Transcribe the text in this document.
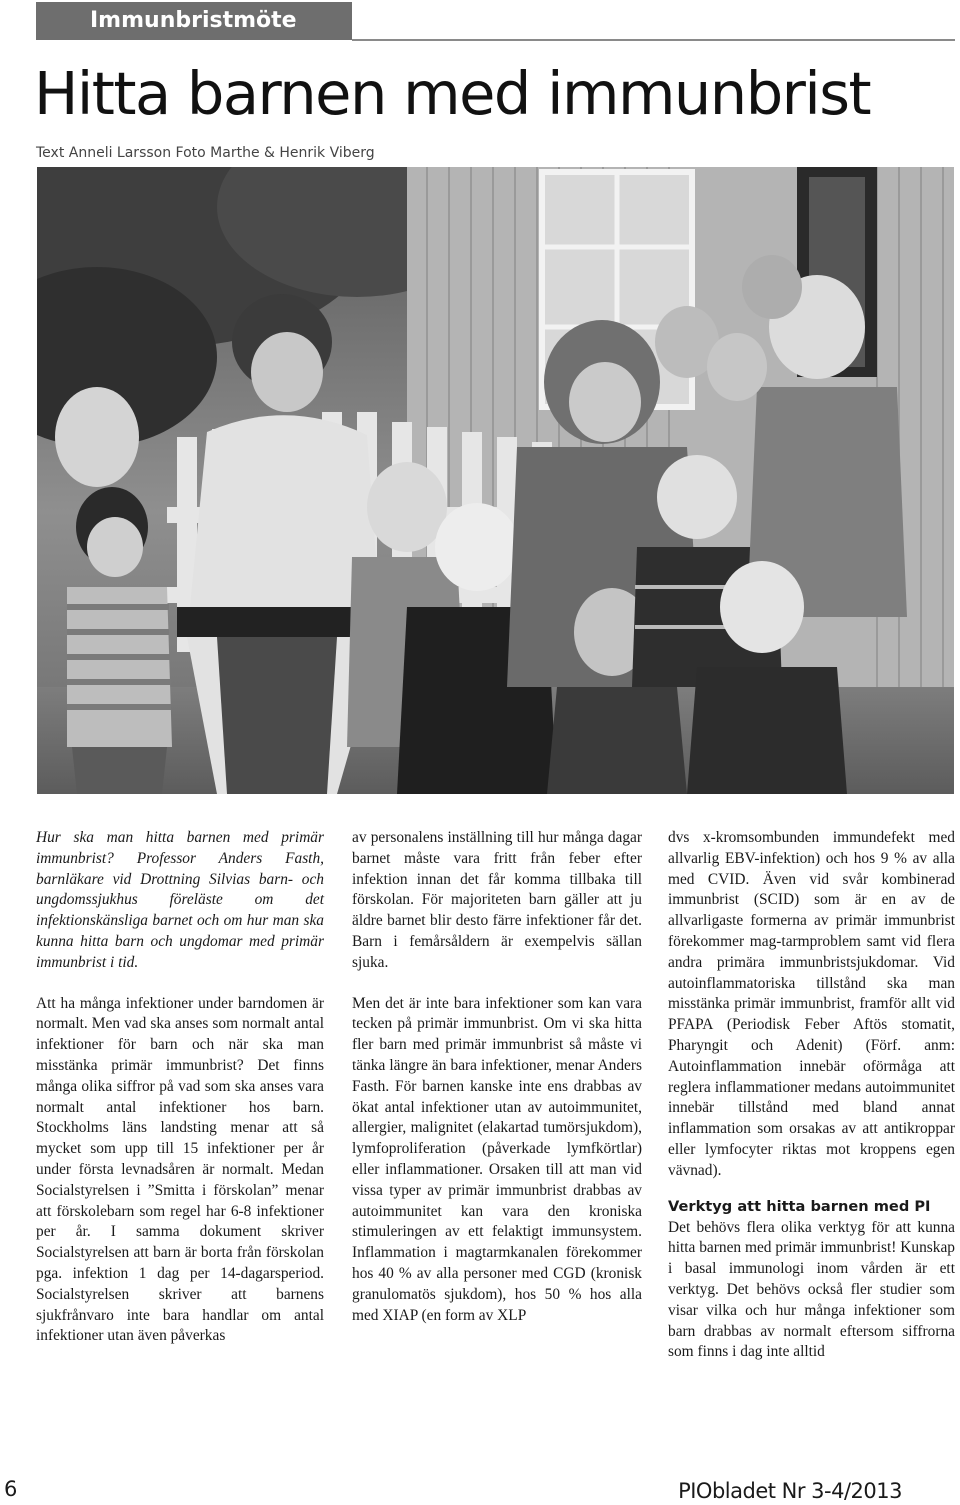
Immunbristmöte
Hitta barnen med immunbrist
Text Anneli Larsson Foto Marthe & Henrik Viberg

Hur ska man hitta barnen med primär immunbrist? Professor Anders Fasth, barnläkare vid Drottning Silvias barn- och ungdomssjukhus föreläste om det infektionskänsliga barnet och om hur man ska kunna hitta barn och ungdomar med primär immunbrist i tid.

Att ha många infektioner under barndomen är normalt. Men vad ska anses som normalt antal infektioner för barn och när ska man misstänka primär immunbrist? Det finns många olika siffror på vad som ska anses vara normalt antal infektioner hos barn. Stockholms läns landsting menar att så mycket som upp till 15 infektioner per år under första levnadsåren är normalt. Medan Socialstyrelsen i ”Smitta i förskolan” menar att förskolebarn som regel har 6-8 infektioner per år. I samma dokument skriver Socialstyrelsen att barn är borta från förskolan pga. infektion 1 dag per 14-dagarsperiod. Socialstyrelsen skriver att barnens sjukfrånvaro inte bara handlar om antal infektioner utan även påverkas

av personalens inställning till hur många dagar barnet måste vara fritt från feber efter infektion innan det får komma tillbaka till förskolan. För majoriteten barn gäller att ju äldre barnet blir desto färre infektioner får det. Barn i femårsåldern är exempelvis sällan sjuka.

Men det är inte bara infektioner som kan vara tecken på primär immunbrist. Om vi ska hitta fler barn med primär immunbrist så måste vi tänka längre än bara infektioner, menar Anders Fasth. För barnen kanske inte ens drabbas av ökat antal infektioner utan av autoimmunitet, allergier, malignitet (elakartad tumörsjukdom), lymfoproliferation (påverkade lymfkörtlar) eller inflammationer. Orsaken till att man vid vissa typer av primär immunbrist drabbas av autoimmunitet kan vara den kroniska stimuleringen av ett felaktigt immunsystem. Inflammation i magtarmkanalen förekommer hos 40 % av alla personer med CGD (kronisk granulomatös sjukdom), hos 50 % hos alla med XIAP (en form av XLP

dvs x-kromsombunden immundefekt med allvarlig EBV-infektion) och hos 9 % av alla med CVID. Även vid svår kombinerad immunbrist (SCID) som är en av de allvarligaste formerna av primär immunbrist förekommer mag-tarmproblem samt vid flera andra primära immunbristsjukdomar. Vid autoinflammatoriska tillstånd ska man misstänka primär immunbrist, framför allt vid PFAPA (Periodisk Feber Aftös stomatit, Pharyngit och Adenit) (Förf. anm: Autoinflammation innebär oförmåga att reglera inflammationer medans autoimmunitet innebär tillstånd med bland annat inflammation som orsakas av att antikroppar eller lymfocyter riktas mot kroppens egen vävnad).

Verktyg att hitta barnen med PI

Det behövs flera olika verktyg för att kunna hitta barnen med primär immunbrist! Kunskap i basal immunologi inom vården är ett verktyg. Det behövs också fler studier som visar vilka och hur många infektioner som barn drabbas av normalt eftersom siffrorna som finns i dag inte alltid

6	PIObladet Nr 3-4/2013
